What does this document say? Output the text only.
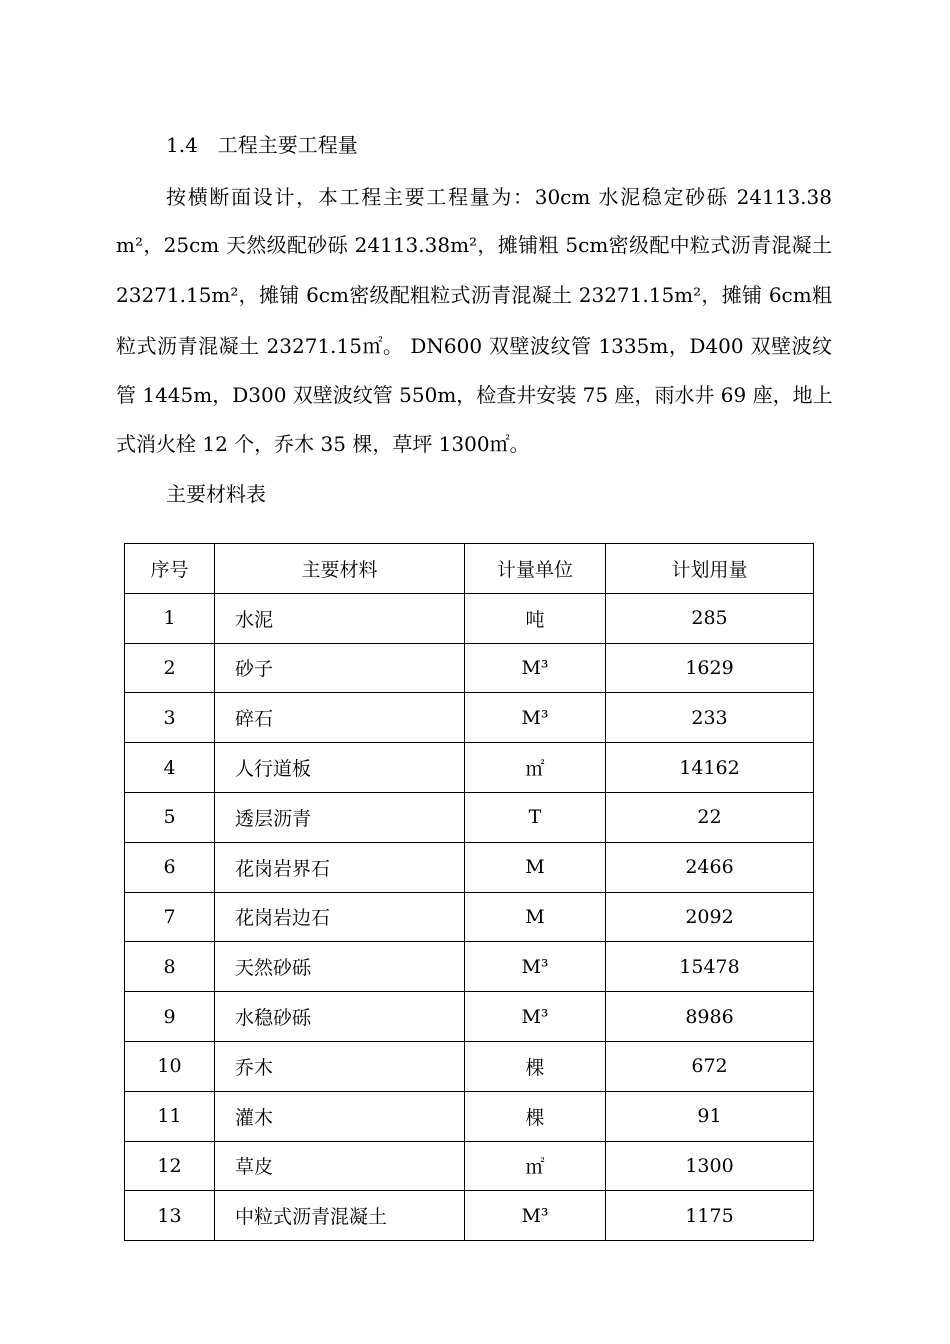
1.4　工程主要工程量
按横断面设计，本工程主要工程量为：30cm 水泥稳定砂砾 24113.38
m²，25cm 天然级配砂砾 24113.38m²，摊铺粗 5cm密级配中粒式沥青混凝土
23271.15m²，摊铺 6cm密级配粗粒式沥青混凝土 23271.15m²，摊铺 6cm粗
粒式沥青混凝土 23271.15㎡。 DN600 双壁波纹管 1335m，D400 双壁波纹
管 1445m，D300 双壁波纹管 550m，检查井安装 75 座，雨水井 69 座，地上
式消火栓 12 个，乔木 35 棵，草坪 1300㎡。
主要材料表
序号	主要材料	计量单位	计划用量
1	水泥	吨	285
2	砂子	M³	1629
3	碎石	M³	233
4	人行道板	㎡	14162
5	透层沥青	T	22
6	花岗岩界石	M	2466
7	花岗岩边石	M	2092
8	天然砂砾	M³	15478
9	水稳砂砾	M³	8986
10	乔木	棵	672
11	灌木	棵	91
12	草皮	㎡	1300
13	中粒式沥青混凝土	M³	1175
